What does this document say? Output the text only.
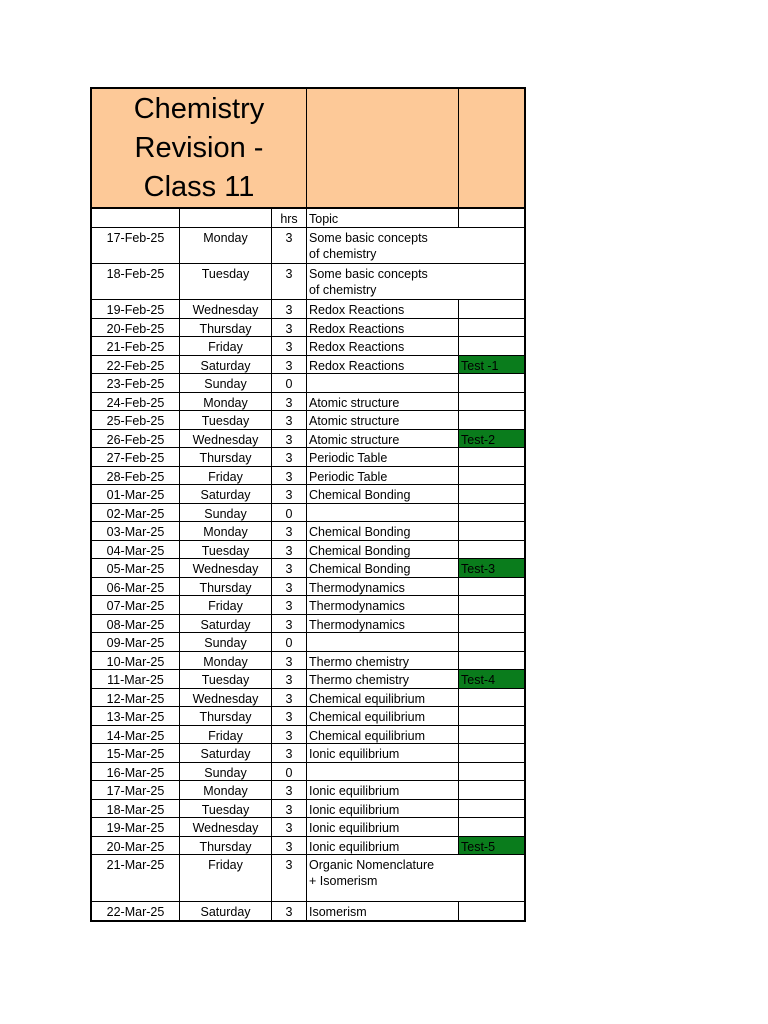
Chemistry
Revision -
Class 11
hrs Topic
17-Feb-25	Monday	3	Some basic concepts
of chemistry
18-Feb-25	Tuesday	3	Some basic concepts
of chemistry
19-Feb-25	Wednesday	3	Redox Reactions
20-Feb-25	Thursday	3	Redox Reactions
21-Feb-25	Friday	3	Redox Reactions
22-Feb-25	Saturday	3	Redox Reactions	Test -1
23-Feb-25	Sunday	0
24-Feb-25	Monday	3	Atomic structure
25-Feb-25	Tuesday	3	Atomic structure
26-Feb-25	Wednesday	3	Atomic structure	Test-2
27-Feb-25	Thursday	3	Periodic Table
28-Feb-25	Friday	3	Periodic Table
01-Mar-25	Saturday	3	Chemical Bonding
02-Mar-25	Sunday	0
03-Mar-25	Monday	3	Chemical Bonding
04-Mar-25	Tuesday	3	Chemical Bonding
05-Mar-25	Wednesday	3	Chemical Bonding	Test-3
06-Mar-25	Thursday	3	Thermodynamics
07-Mar-25	Friday	3	Thermodynamics
08-Mar-25	Saturday	3	Thermodynamics
09-Mar-25	Sunday	0
10-Mar-25	Monday	3	Thermo chemistry
11-Mar-25	Tuesday	3	Thermo chemistry	Test-4
12-Mar-25	Wednesday	3	Chemical equilibrium
13-Mar-25	Thursday	3	Chemical equilibrium
14-Mar-25	Friday	3	Chemical equilibrium
15-Mar-25	Saturday	3	Ionic equilibrium
16-Mar-25	Sunday	0
17-Mar-25	Monday	3	Ionic equilibrium
18-Mar-25	Tuesday	3	Ionic equilibrium
19-Mar-25	Wednesday	3	Ionic equilibrium
20-Mar-25	Thursday	3	Ionic equilibrium	Test-5
21-Mar-25	Friday	3	Organic Nomenclature
+ Isomerism
22-Mar-25	Saturday	3	Isomerism
